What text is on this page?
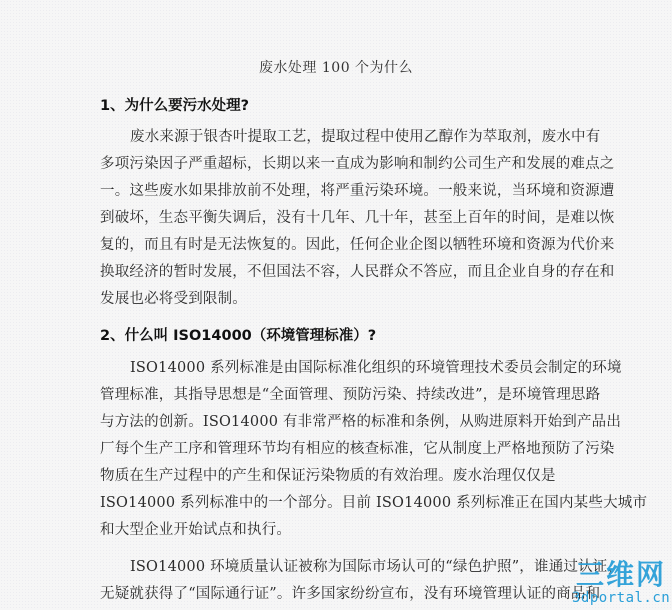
废水处理 100 个为什么
1、为什么要污水处理?
废水来源于银杏叶提取工艺，提取过程中使用乙醇作为萃取剂，废水中有
多项污染因子严重超标，长期以来一直成为影响和制约公司生产和发展的难点之
一。这些废水如果排放前不处理，将严重污染环境。一般来说，当环境和资源遭
到破坏，生态平衡失调后，没有十几年、几十年，甚至上百年的时间，是难以恢
复的，而且有时是无法恢复的。因此，任何企业企图以牺牲环境和资源为代价来
换取经济的暂时发展，不但国法不容，人民群众不答应，而且企业自身的存在和
发展也必将受到限制。
2、什么叫 ISO14000（环境管理标准）?
ISO14000 系列标准是由国际标准化组织的环境管理技术委员会制定的环境
管理标准，其指导思想是“全面管理、预防污染、持续改进”，是环境管理思路
与方法的创新。ISO14000 有非常严格的标准和条例，从购进原料开始到产品出
厂每个生产工序和管理环节均有相应的核查标准，它从制度上严格地预防了污染
物质在生产过程中的产生和保证污染物质的有效治理。废水治理仅仅是
ISO14000 系列标准中的一个部分。目前 ISO14000 系列标准正在国内某些大城市
和大型企业开始试点和执行。
ISO14000 环境质量认证被称为国际市场认可的“绿色护照”，谁通过认证，
无疑就获得了“国际通行证”。许多国家纷纷宣布，没有环境管理认证的商品和
三维网
3dportal.cn
